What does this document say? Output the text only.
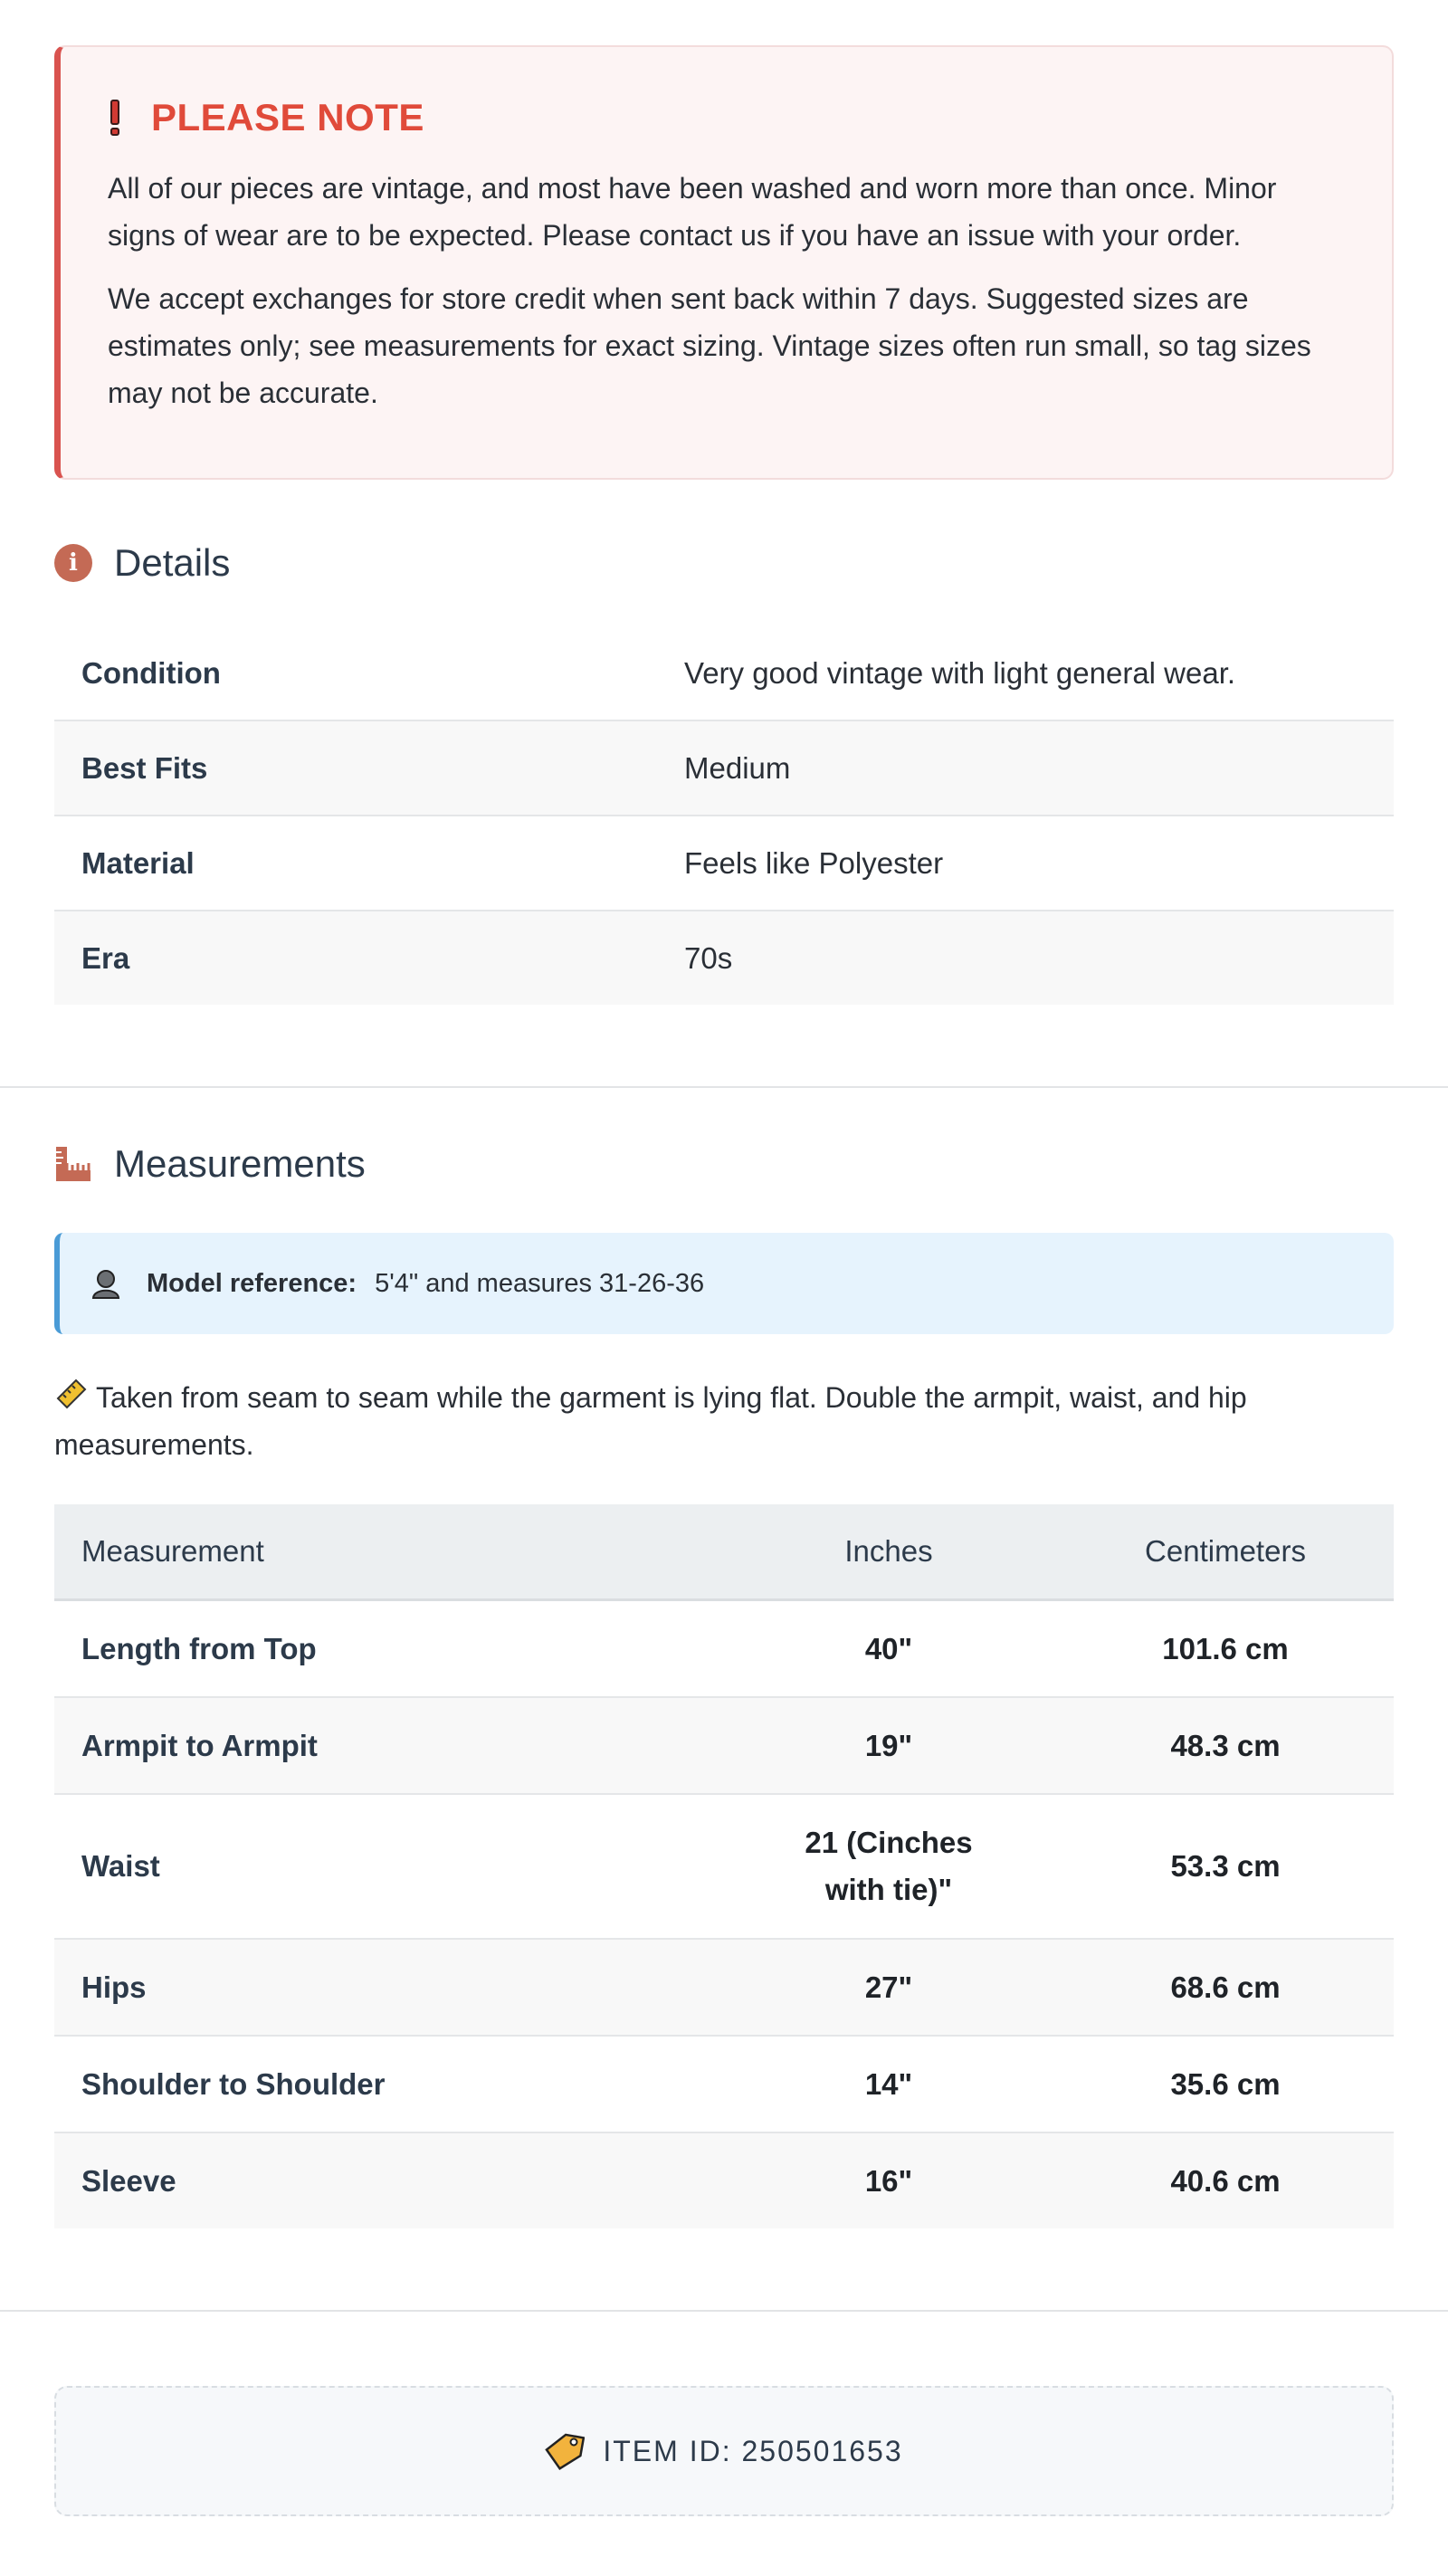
PLEASE NOTE

All of our pieces are vintage, and most have been washed and worn more than once. Minor signs of wear are to be expected. Please contact us if you have an issue with your order.

We accept exchanges for store credit when sent back within 7 days. Suggested sizes are estimates only; see measurements for exact sizing. Vintage sizes often run small, so tag sizes may not be accurate.

i Details
Condition	Very good vintage with light general wear.
Best Fits	Medium
Material	Feels like Polyester
Era	70s
Measurements
Model reference: 5'4" and measures 31-26-36
Taken from seam to seam while the garment is lying flat. Double the armpit, waist, and hip measurements.
Measurement	Inches	Centimeters
Length from Top	40"	101.6 cm
Armpit to Armpit	19"	48.3 cm
Waist	21 (Cinches with tie)"	53.3 cm
Hips	27"	68.6 cm
Shoulder to Shoulder	14"	35.6 cm
Sleeve	16"	40.6 cm
ITEM ID: 250501653
